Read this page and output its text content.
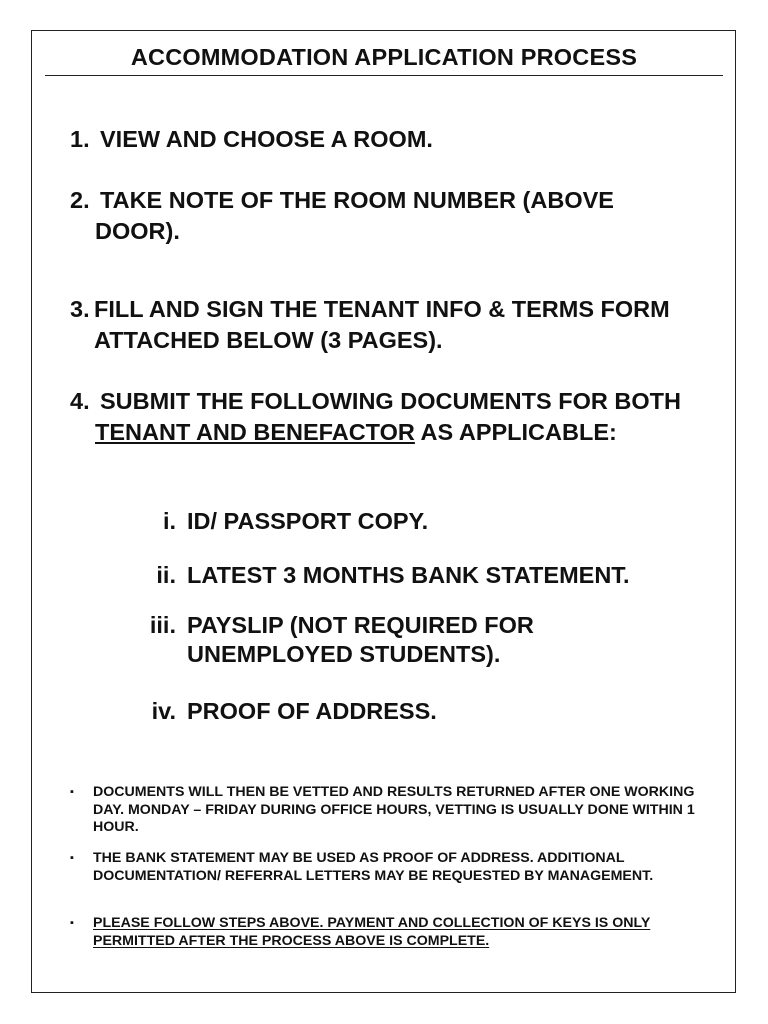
ACCOMMODATION APPLICATION PROCESS
1. VIEW AND CHOOSE A ROOM.
2. TAKE NOTE OF THE ROOM NUMBER (ABOVE DOOR).
3. FILL AND SIGN THE TENANT INFO & TERMS FORM ATTACHED BELOW (3 PAGES).
4. SUBMIT THE FOLLOWING DOCUMENTS FOR BOTH TENANT AND BENEFACTOR AS APPLICABLE:
i. ID/ PASSPORT COPY.
ii. LATEST 3 MONTHS BANK STATEMENT.
iii. PAYSLIP (NOT REQUIRED FOR UNEMPLOYED STUDENTS).
iv. PROOF OF ADDRESS.
▪	DOCUMENTS WILL THEN BE VETTED AND RESULTS RETURNED AFTER ONE WORKING DAY. MONDAY – FRIDAY DURING OFFICE HOURS, VETTING IS USUALLY DONE WITHIN 1 HOUR.
▪	THE BANK STATEMENT MAY BE USED AS PROOF OF ADDRESS. ADDITIONAL DOCUMENTATION/ REFERRAL LETTERS MAY BE REQUESTED BY MANAGEMENT.
▪	PLEASE FOLLOW STEPS ABOVE. PAYMENT AND COLLECTION OF KEYS IS ONLY PERMITTED AFTER THE PROCESS ABOVE IS COMPLETE.
